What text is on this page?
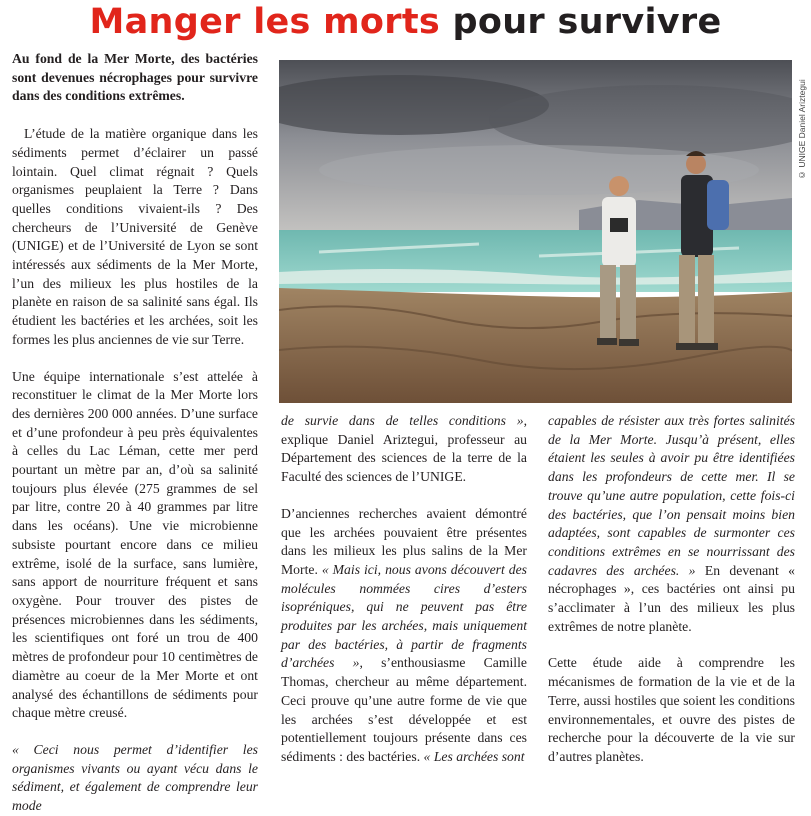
Manger les morts pour survivre

Au fond de la Mer Morte, des bactéries sont devenues nécrophages pour survivre dans des conditions extrêmes.

L’étude de la matière organique dans les sédiments permet d’éclairer un passé lointain. Quel climat régnait ? Quels organismes peuplaient la Terre ? Dans quelles conditions vivaient-ils ? Des chercheurs de l’Université de Genève (UNIGE) et de l’Université de Lyon se sont intéressés aux sédiments de la Mer Morte, l’un des milieux les plus hostiles de la planète en raison de sa salinité sans égal. Ils étudient les bactéries et les archées, soit les formes les plus anciennes de vie sur Terre.

Une équipe internationale s’est attelée à reconstituer le climat de la Mer Morte lors des dernières 200 000 années. D’une surface et d’une profondeur à peu près équivalentes à celles du Lac Léman, cette mer perd pourtant un mètre par an, d’où sa salinité toujours plus élevée (275 grammes de sel par litre, contre 20 à 40 grammes par litre dans les océans). Une vie microbienne subsiste pourtant encore dans ce milieu extrême, isolé de la surface, sans lumière, sans apport de nourriture fréquent et sans oxygène. Pour trouver des pistes de présences microbiennes dans les sédiments, les scientifiques ont foré un trou de 400 mètres de profondeur pour 10 centimètres de diamètre au coeur de la Mer Morte et ont analysé des échantillons de sédiments pour chaque mètre creusé.

« Ceci nous permet d’identifier les organismes vivants ou ayant vécu dans le sédiment, et également de comprendre leur mode

© UNIGE Daniel Ariztegui

de survie dans de telles conditions », explique Daniel Ariztegui, professeur au Département des sciences de la terre de la Faculté des sciences de l’UNIGE.

D’anciennes recherches avaient démontré que les archées pouvaient être présentes dans les milieux les plus salins de la Mer Morte. « Mais ici, nous avons découvert des molécules nommées cires d’esters isopréniques, qui ne peuvent pas être produites par les archées, mais uniquement par des bactéries, à partir de fragments d’archées », s’enthousiasme Camille Thomas, chercheur au même département. Ceci prouve qu’une autre forme de vie que les archées s’est développée et est potentiellement toujours présente dans ces sédiments : des bactéries. « Les archées sont

capables de résister aux très fortes salinités de la Mer Morte. Jusqu’à présent, elles étaient les seules à avoir pu être identifiées dans les profondeurs de cette mer. Il se trouve qu’une autre population, cette fois-ci des bactéries, que l’on pensait moins bien adaptées, sont capables de surmonter ces conditions extrêmes en se nourrissant des cadavres des archées. » En devenant « nécrophages », ces bactéries ont ainsi pu s’acclimater à l’un des milieux les plus extrêmes de notre planète.

Cette étude aide à comprendre les mécanismes de formation de la vie et de la Terre, aussi hostiles que soient les conditions environnementales, et ouvre des pistes de recherche pour la découverte de la vie sur d’autres planètes.
